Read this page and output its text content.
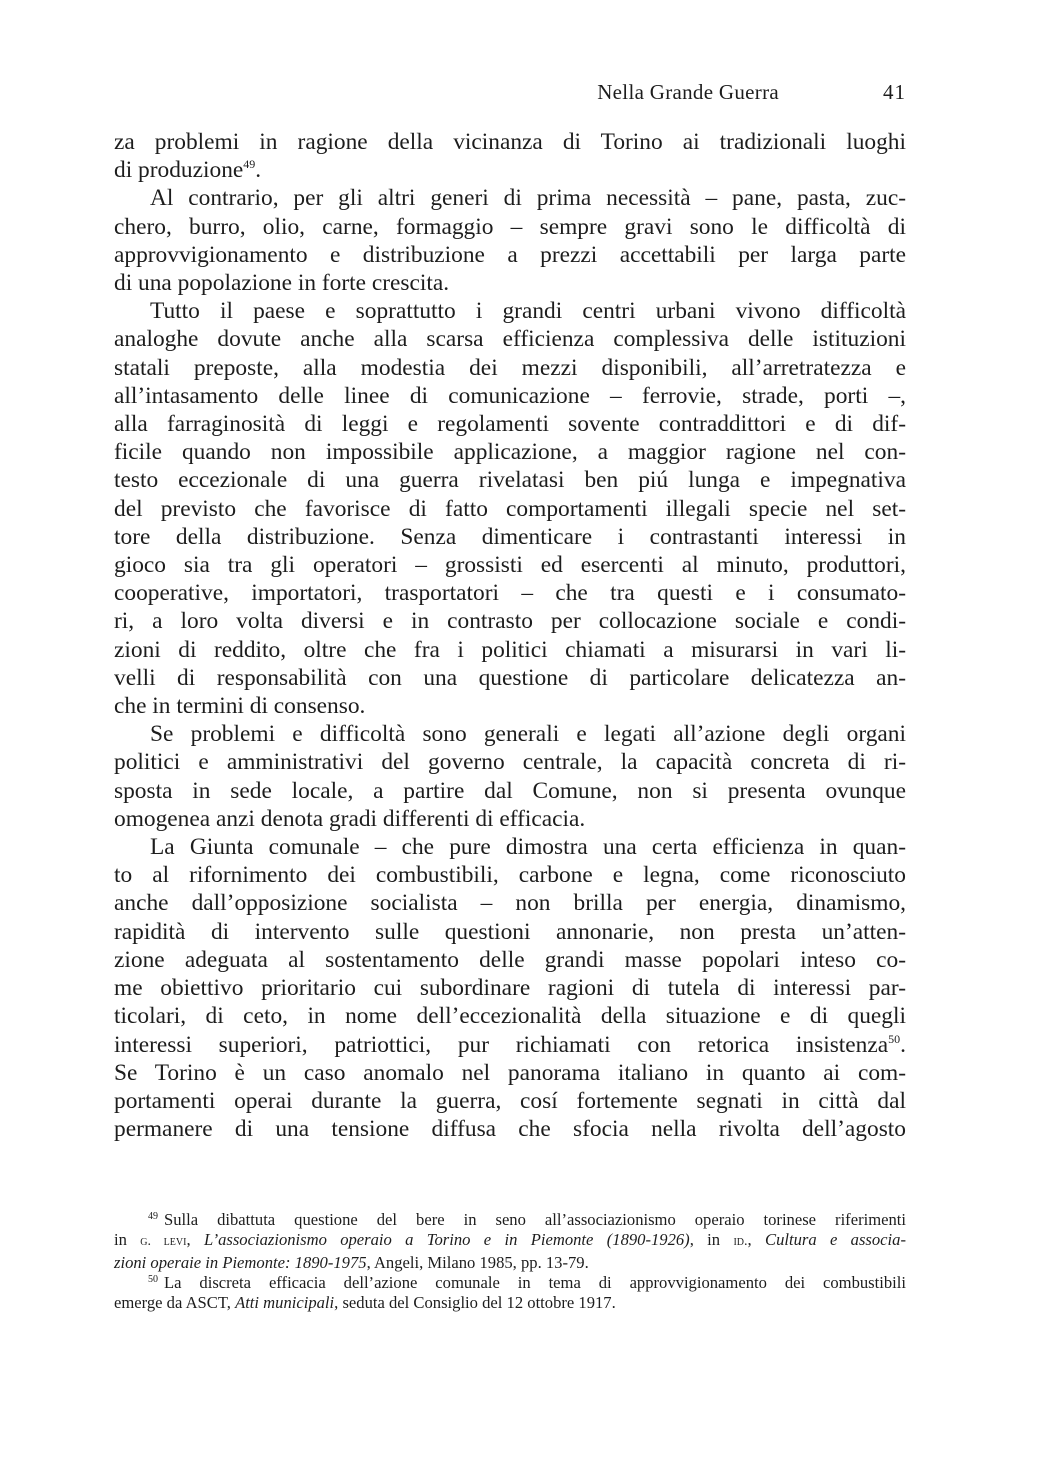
Nella Grande Guerra	41
za problemi in ragione della vicinanza di Torino ai tradizionali luoghi
di produzione$^{49}$.
Al contrario, per gli altri generi di prima necessità – pane, pasta, zuc-
chero, burro, olio, carne, formaggio – sempre gravi sono le difficoltà di
approvvigionamento e distribuzione a prezzi accettabili per larga parte
di una popolazione in forte crescita.
Tutto il paese e soprattutto i grandi centri urbani vivono difficoltà
analoghe dovute anche alla scarsa efficienza complessiva delle istituzioni
statali preposte, alla modestia dei mezzi disponibili, all’arretratezza e
all’intasamento delle linee di comunicazione – ferrovie, strade, porti –,
alla farraginosità di leggi e regolamenti sovente contraddittori e di dif-
ficile quando non impossibile applicazione, a maggior ragione nel con-
testo eccezionale di una guerra rivelatasi ben piú lunga e impegnativa
del previsto che favorisce di fatto comportamenti illegali specie nel set-
tore della distribuzione. Senza dimenticare i contrastanti interessi in
gioco sia tra gli operatori – grossisti ed esercenti al minuto, produttori,
cooperative, importatori, trasportatori – che tra questi e i consumato-
ri, a loro volta diversi e in contrasto per collocazione sociale e condi-
zioni di reddito, oltre che fra i politici chiamati a misurarsi in vari li-
velli di responsabilità con una questione di particolare delicatezza an-
che in termini di consenso.
Se problemi e difficoltà sono generali e legati all’azione degli organi
politici e amministrativi del governo centrale, la capacità concreta di ri-
sposta in sede locale, a partire dal Comune, non si presenta ovunque
omogenea anzi denota gradi differenti di efficacia.
La Giunta comunale – che pure dimostra una certa efficienza in quan-
to al rifornimento dei combustibili, carbone e legna, come riconosciuto
anche dall’opposizione socialista – non brilla per energia, dinamismo,
rapidità di intervento sulle questioni annonarie, non presta un’atten-
zione adeguata al sostentamento delle grandi masse popolari inteso co-
me obiettivo prioritario cui subordinare ragioni di tutela di interessi par-
ticolari, di ceto, in nome dell’eccezionalità della situazione e di quegli
interessi superiori, patriottici, pur richiamati con retorica insistenza$^{50}$.
Se Torino è un caso anomalo nel panorama italiano in quanto ai com-
portamenti operai durante la guerra, cosí fortemente segnati in città dal
permanere di una tensione diffusa che sfocia nella rivolta dell’agosto
$^{49}$ Sulla dibattuta questione del bere in seno all’associazionismo operaio torinese riferimenti
in g. levi, L’associazionismo operaio a Torino e in Piemonte (1890-1926), in id., Cultura e associa-
zioni operaie in Piemonte: 1890-1975, Angeli, Milano 1985, pp. 13-79.
$^{50}$ La discreta efficacia dell’azione comunale in tema di approvvigionamento dei combustibili
emerge da ASCT, Atti municipali, seduta del Consiglio del 12 ottobre 1917.
